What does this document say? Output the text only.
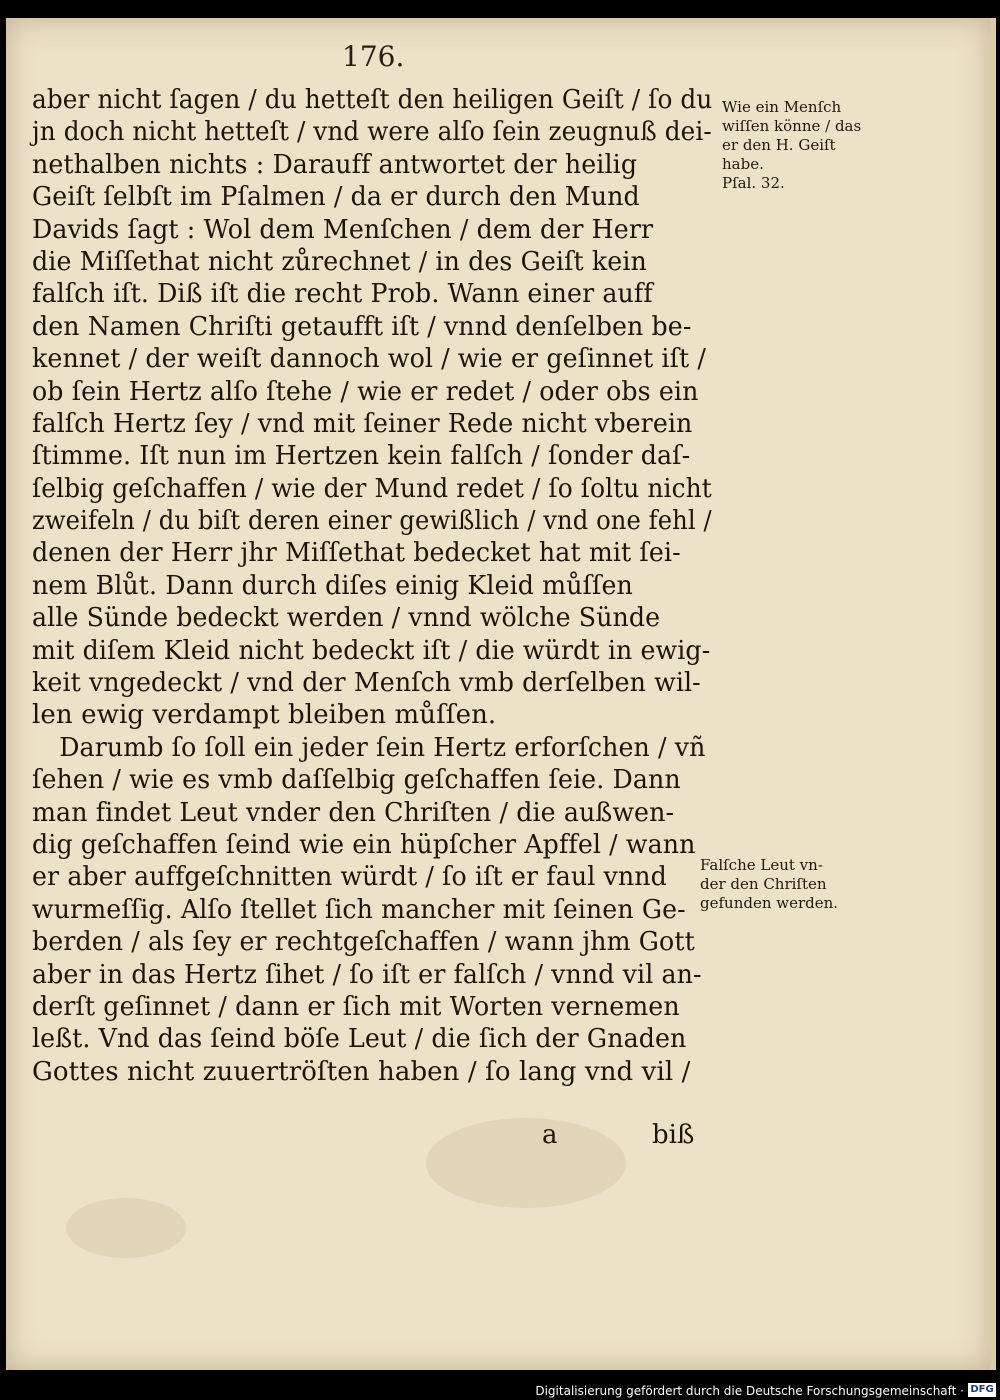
176.
aber nicht ſagen / du hetteſt den heiligen Geiſt / ſo du
jn doch nicht hetteſt / vnd were alſo ſein zeugnuß dei-
nethalben nichts : Darauff antwortet der heilig
Geiſt ſelbſt im Pſalmen / da er durch den Mund
Davids ſagt : Wol dem Menſchen / dem der Herr
die Miſſethat nicht zůrechnet / in des Geiſt kein
falſch iſt. Diß iſt die recht Prob. Wann einer auff
den Namen Chriſti getaufft iſt / vnnd denſelben be-
kennet / der weiſt dannoch wol / wie er geſinnet iſt /
ob ſein Hertz alſo ſtehe / wie er redet / oder obs ein
falſch Hertz ſey / vnd mit ſeiner Rede nicht vberein
ſtimme. Iſt nun im Hertzen kein falſch / ſonder daſ-
ſelbig geſchaffen / wie der Mund redet / ſo ſoltu nicht
zweifeln / du biſt deren einer gewißlich / vnd one fehl /
denen der Herr jhr Miſſethat bedecket hat mit ſei-
nem Blůt. Dann durch diſes einig Kleid můſſen
alle Sünde bedeckt werden / vnnd wölche Sünde
mit diſem Kleid nicht bedeckt iſt / die würdt in ewig-
keit vngedeckt / vnd der Menſch vmb derſelben wil-
len ewig verdampt bleiben můſſen.
Darumb ſo ſoll ein jeder ſein Hertz erforſchen / vñ
ſehen / wie es vmb daſſelbig geſchaffen ſeie. Dann
man findet Leut vnder den Chriſten / die außwen-
dig geſchaffen ſeind wie ein hüpſcher Apffel / wann
er aber auffgeſchnitten würdt / ſo iſt er faul vnnd
wurmeſſig. Alſo ſtellet ſich mancher mit ſeinen Ge-
berden / als ſey er rechtgeſchaffen / wann jhm Gott
aber in das Hertz ſihet / ſo iſt er falſch / vnnd vil an-
derſt geſinnet / dann er ſich mit Worten vernemen
leßt. Vnd das ſeind böſe Leut / die ſich der Gnaden
Gottes nicht zuuertröſten haben / ſo lang vnd vil /
Wie ein Menſch
wiſſen könne / das
er den H. Geiſt
habe.
Pſal. 32.
Falſche Leut vn-
der den Chriſten
gefunden werden.
a	biß
Digitalisierung gefördert durch die Deutsche Forschungsgemeinschaft · DFG
